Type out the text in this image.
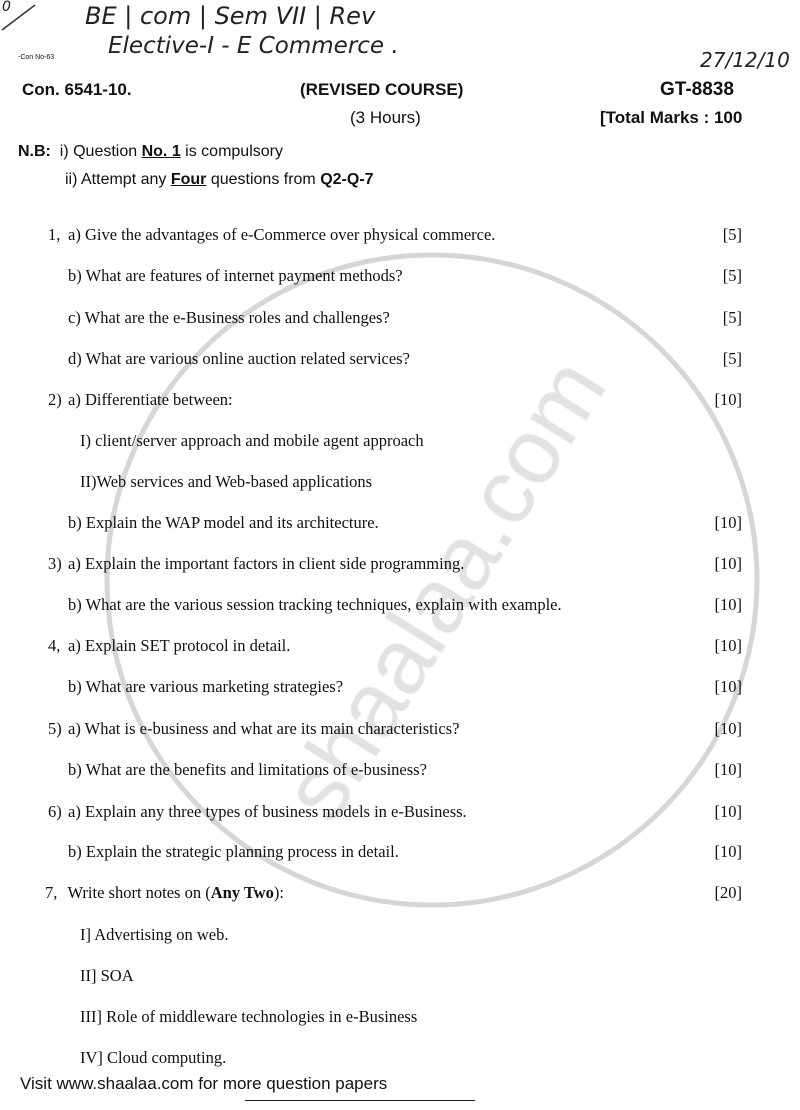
0	BE | com | Sem VII | Rev
Elective-I - E Commerce .
27/12/10
-Con No-63
Con. 6541-10.	(REVISED COURSE)	GT-8838
(3 Hours)	[Total Marks : 100
N.B: i) Question No. 1 is compulsory
ii) Attempt any Four questions from Q2-Q-7
1, a) Give the advantages of e-Commerce over physical commerce.	[5]
b) What are features of internet payment methods?	[5]
c) What are the e-Business roles and challenges?	[5]
d) What are various online auction related services?	[5]
2) a) Differentiate between:	[10]
I) client/server approach and mobile agent approach
II)Web services and Web-based applications
b) Explain the WAP model and its architecture.	[10]
3) a) Explain the important factors in client side programming.	[10]
b) What are the various session tracking techniques, explain with example.	[10]
4, a) Explain SET protocol in detail.	[10]
b) What are various marketing strategies?	[10]
5) a) What is e-business and what are its main characteristics?	[10]
b) What are the benefits and limitations of e-business?	[10]
6) a) Explain any three types of business models in e-Business.	[10]
b) Explain the strategic planning process in detail.	[10]
7, Write short notes on (Any Two):	[20]
I] Advertising on web.
II] SOA
III] Role of middleware technologies in e-Business
IV] Cloud computing.
Visit www.shaalaa.com for more question papers
